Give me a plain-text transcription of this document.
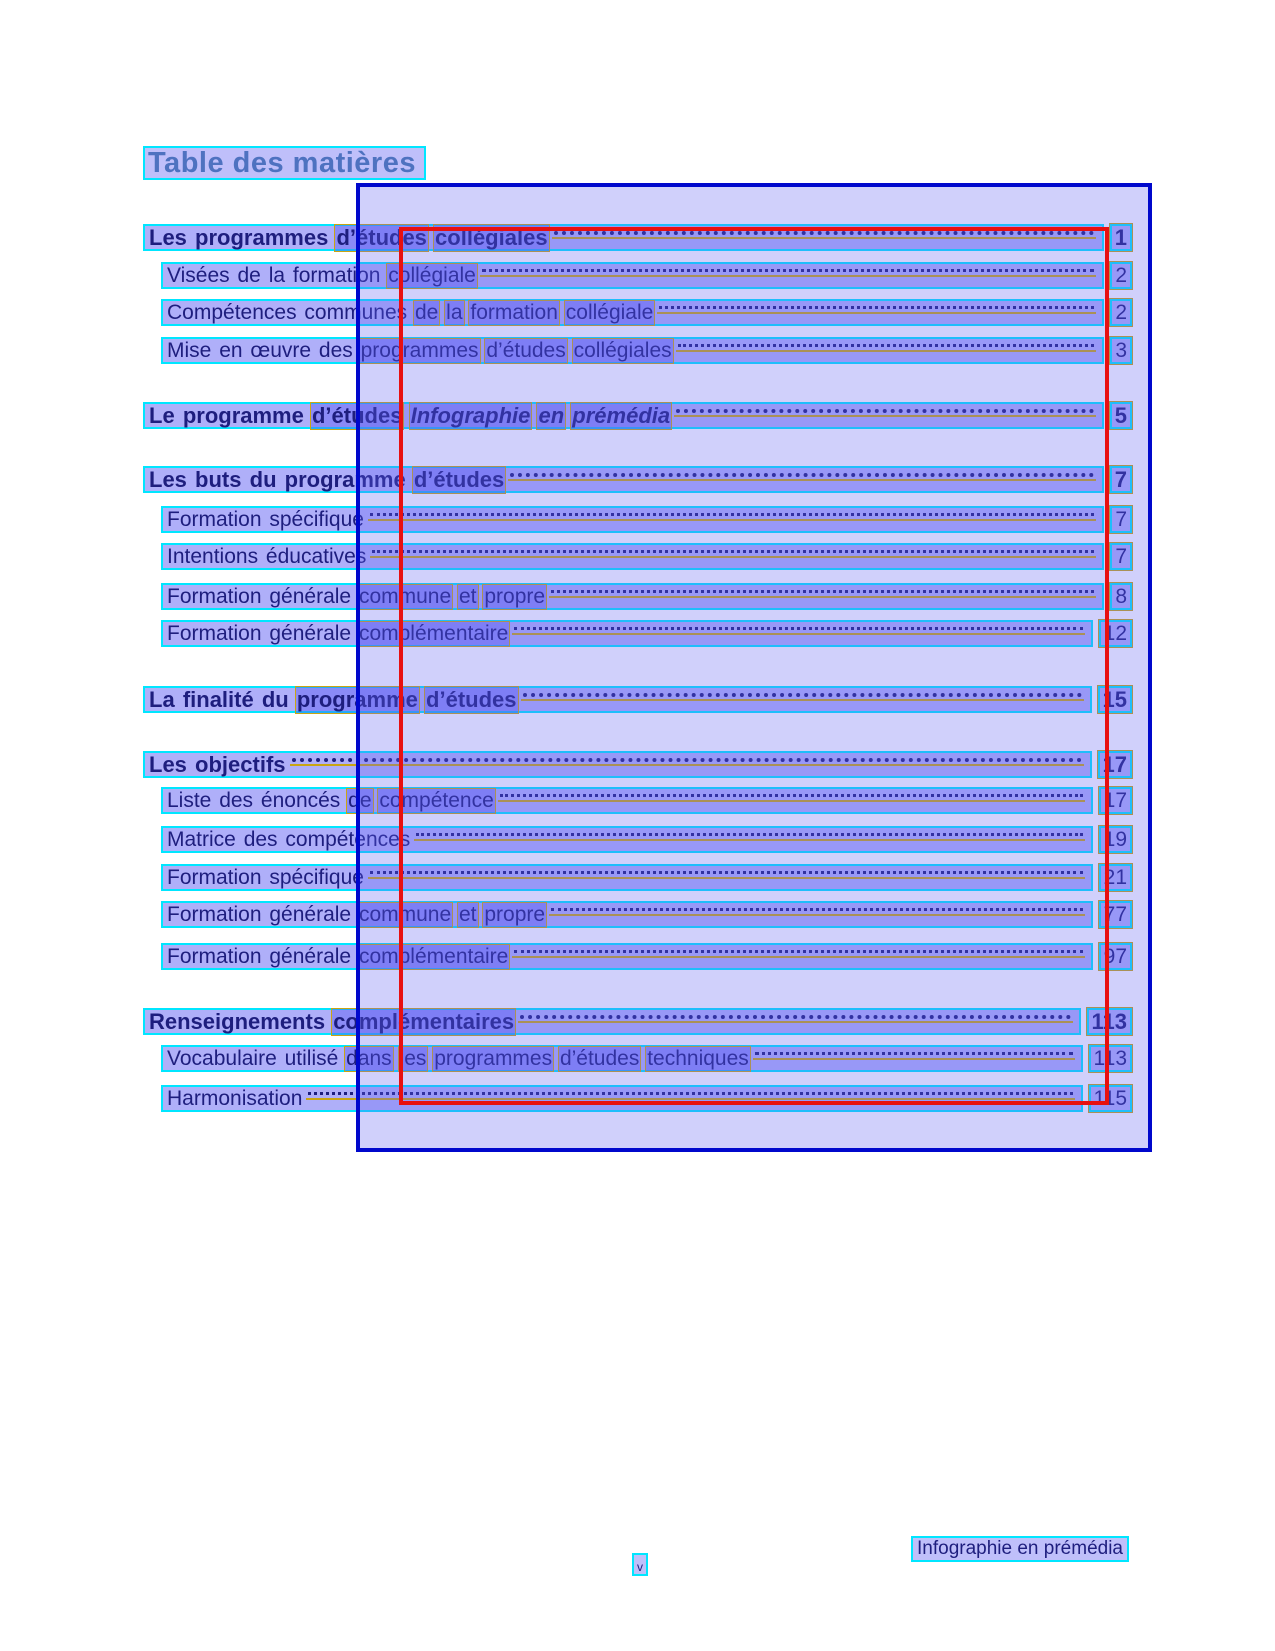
Table des matières
Les programmes d’études collégiales	1
Visées de la formation collégiale	2
Compétences communes de la formation collégiale	2
Mise en œuvre des programmes d’études collégiales	3
Le programme d’études Infographie en prémédia	5
Les buts du programme d’études	7
Formation spécifique	7
Intentions éducatives	7
Formation générale commune et propre	8
Formation générale complémentaire	12
La finalité du programme d’études	15
Les objectifs	17
Liste des énoncés de compétence	17
Matrice des compétences	19
Formation spécifique	21
Formation générale commune et propre	77
Formation générale complémentaire	97
Renseignements complémentaires	113
Vocabulaire utilisé dans les programmes d’études techniques	113
Harmonisation	115
Infographie en prémédia
v
